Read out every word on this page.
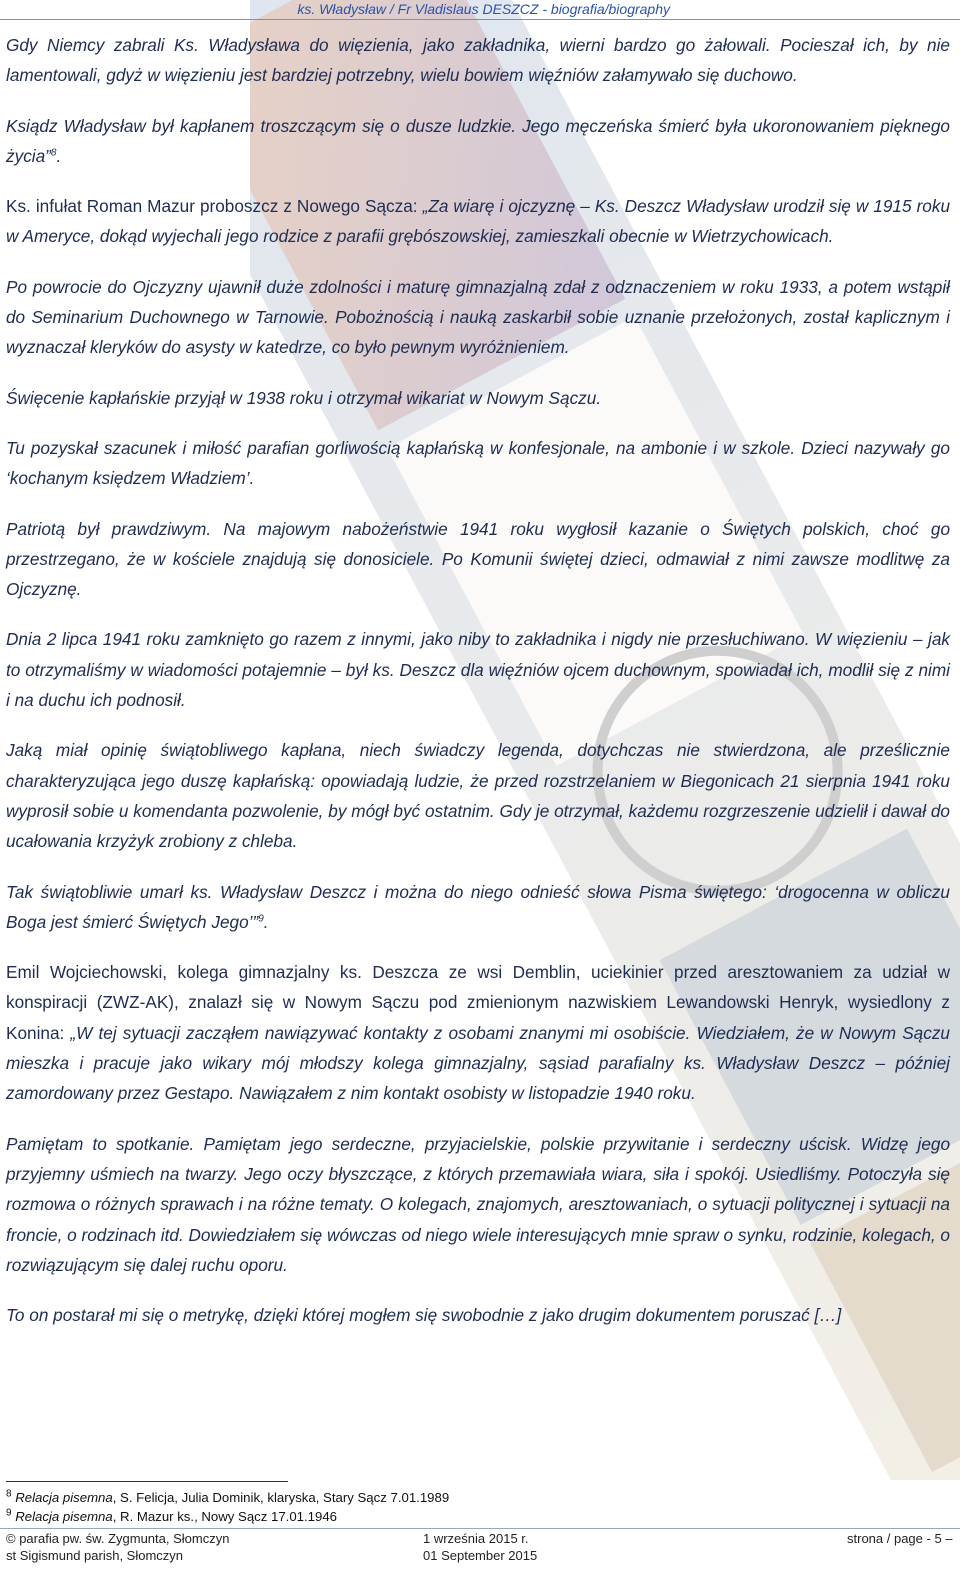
ks. Władysław / Fr Vladislaus DESZCZ - biografia/biography

Gdy Niemcy zabrali Ks. Władysława do więzienia, jako zakładnika, wierni bardzo go żałowali. Pocieszał ich, by nie lamentowali, gdyż w więzieniu jest bardziej potrzebny, wielu bowiem więźniów załamywało się duchowo.

Ksiądz Władysław był kapłanem troszczącym się o dusze ludzkie. Jego męczeńska śmierć była ukoronowaniem pięknego życia”$^8$.

Ks. infułat Roman Mazur proboszcz z Nowego Sącza: „Za wiarę i ojczyznę – Ks. Deszcz Władysław urodził się w 1915 roku w Ameryce, dokąd wyjechali jego rodzice z parafii grębószowskiej, zamieszkali obecnie w Wietrzychowicach.

Po powrocie do Ojczyzny ujawnił duże zdolności i maturę gimnazjalną zdał z odznaczeniem w roku 1933, a potem wstąpił do Seminarium Duchownego w Tarnowie. Pobożnością i nauką zaskarbił sobie uznanie przełożonych, został kaplicznym i wyznaczał kleryków do asysty w katedrze, co było pewnym wyróżnieniem.

Święcenie kapłańskie przyjął w 1938 roku i otrzymał wikariat w Nowym Sączu.

Tu pozyskał szacunek i miłość parafian gorliwością kapłańską w konfesjonale, na ambonie i w szkole. Dzieci nazywały go ‘kochanym księdzem Władziem’.

Patriotą był prawdziwym. Na majowym nabożeństwie 1941 roku wygłosił kazanie o Świętych polskich, choć go przestrzegano, że w kościele znajdują się donosiciele. Po Komunii świętej dzieci, odmawiał z nimi zawsze modlitwę za Ojczyznę.

Dnia 2 lipca 1941 roku zamknięto go razem z innymi, jako niby to zakładnika i nigdy nie przesłuchiwano. W więzieniu – jak to otrzymaliśmy w wiadomości potajemnie – był ks. Deszcz dla więźniów ojcem duchownym, spowiadał ich, modlił się z nimi i na duchu ich podnosił.

Jaką miał opinię świątobliwego kapłana, niech świadczy legenda, dotychczas nie stwierdzona, ale prześlicznie charakteryzująca jego duszę kapłańską: opowiadają ludzie, że przed rozstrzelaniem w Biegonicach 21 sierpnia 1941 roku wyprosił sobie u komendanta pozwolenie, by mógł być ostatnim. Gdy je otrzymał, każdemu rozgrzeszenie udzielił i dawał do ucałowania krzyżyk zrobiony z chleba.

Tak świątobliwie umarł ks. Władysław Deszcz i można do niego odnieść słowa Pisma świętego: ‘drogocenna w obliczu Boga jest śmierć Świętych Jego’”$^9$.

Emil Wojciechowski, kolega gimnazjalny ks. Deszcza ze wsi Demblin, uciekinier przed aresztowaniem za udział w konspiracji (ZWZ-AK), znalazł się w Nowym Sączu pod zmienionym nazwiskiem Lewandowski Henryk, wysiedlony z Konina: „W tej sytuacji zacząłem nawiązywać kontakty z osobami znanymi mi osobiście. Wiedziałem, że w Nowym Sączu mieszka i pracuje jako wikary mój młodszy kolega gimnazjalny, sąsiad parafialny ks. Władysław Deszcz – później zamordowany przez Gestapo. Nawiązałem z nim kontakt osobisty w listopadzie 1940 roku.

Pamiętam to spotkanie. Pamiętam jego serdeczne, przyjacielskie, polskie przywitanie i serdeczny uścisk. Widzę jego przyjemny uśmiech na twarzy. Jego oczy błyszczące, z których przemawiała wiara, siła i spokój. Usiedliśmy. Potoczyła się rozmowa o różnych sprawach i na różne tematy. O kolegach, znajomych, aresztowaniach, o sytuacji politycznej i sytuacji na froncie, o rodzinach itd. Dowiedziałem się wówczas od niego wiele interesujących mnie spraw o synku, rodzinie, kolegach, o rozwiązującym się dalej ruchu oporu.

To on postarał mi się o metrykę, dzięki której mogłem się swobodnie z jako drugim dokumentem poruszać […]

$^8$ Relacja pisemna, S. Felicja, Julia Dominik, klaryska, Stary Sącz 7.01.1989
$^9$ Relacja pisemna, R. Mazur ks., Nowy Sącz 17.01.1946
© parafia pw. św. Zygmunta, Słomczyn
st Sigismund parish, Słomczyn
1 września 2015 r.
01 September 2015
strona / page - 5 –
